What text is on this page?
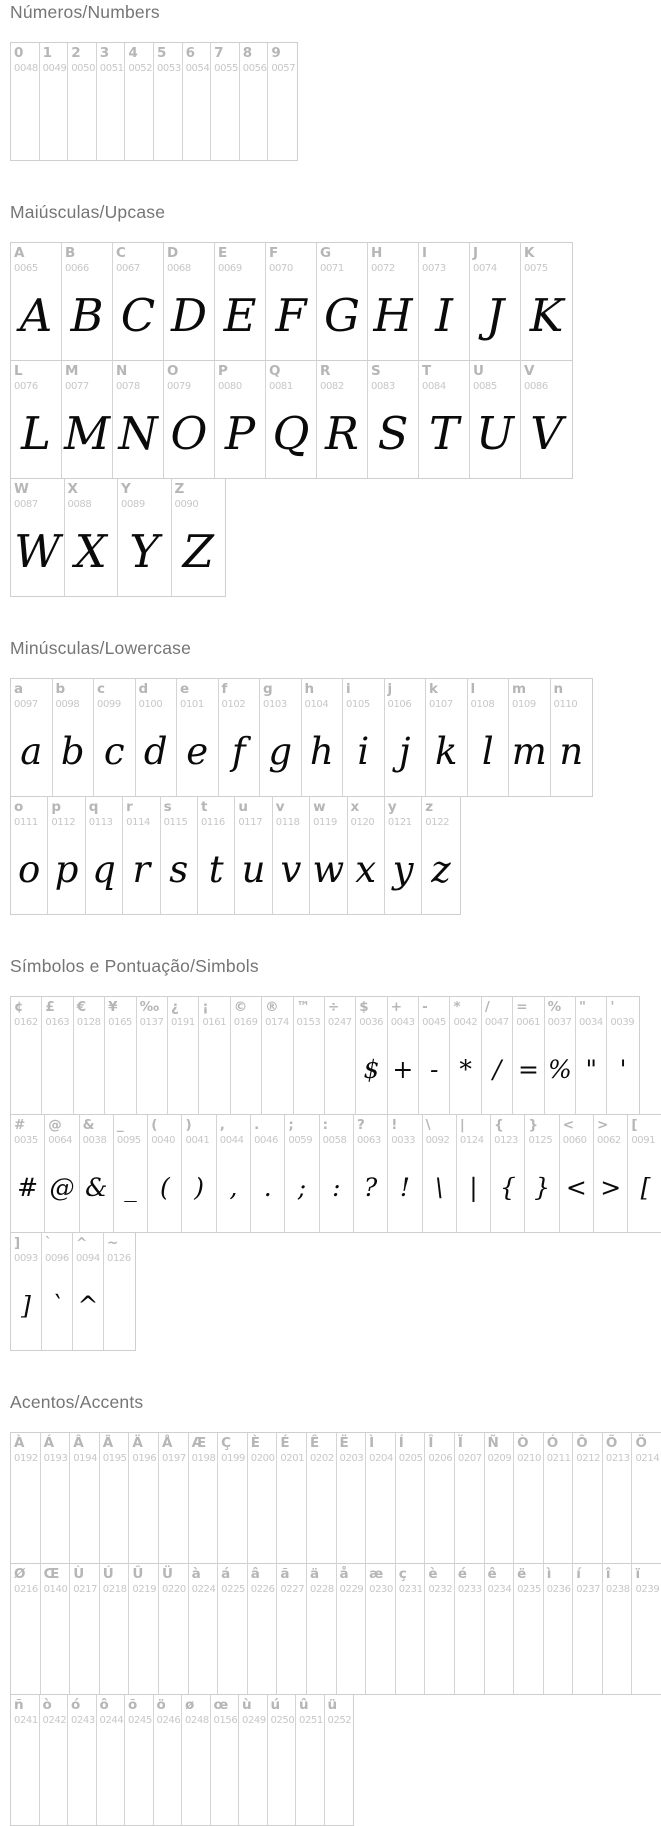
Números/Numbers
0
0048
1
0049
2
0050
3
0051
4
0052
5
0053
6
0054
7
0055
8
0056
9
0057
Maiúsculas/Upcase
A
0065
A
B
0066
B
C
0067
C
D
0068
D
E
0069
E
F
0070
F
G
0071
G
H
0072
H
I
0073
I
J
0074
J
K
0075
K
L
0076
L
M
0077
M
N
0078
N
O
0079
O
P
0080
P
Q
0081
Q
R
0082
R
S
0083
S
T
0084
T
U
0085
U
V
0086
V
W
0087
W
X
0088
X
Y
0089
Y
Z
0090
Z
Minúsculas/Lowercase
a
0097
a
b
0098
b
c
0099
c
d
0100
d
e
0101
e
f
0102
f
g
0103
g
h
0104
h
i
0105
i
j
0106
j
k
0107
k
l
0108
l
m
0109
m
n
0110
n
o
0111
o
p
0112
p
q
0113
q
r
0114
r
s
0115
s
t
0116
t
u
0117
u
v
0118
v
w
0119
w
x
0120
x
y
0121
y
z
0122
z
Símbolos e Pontuação/Simbols
¢
0162
£
0163
€
0128
¥
0165
‰
0137
¿
0191
¡
0161
©
0169
®
0174
™
0153
÷
0247
$
0036
$
+
0043
+
-
0045
-
*
0042
*
/
0047
/
=
0061
=
%
0037
%
"
0034
"
'
0039
'
#
0035
#
@
0064
@
&
0038
&
_
0095
_
(
0040
(
)
0041
)
,
0044
,
.
0046
.
;
0059
;
:
0058
:
?
0063
?
!
0033
!
\
0092
\
|
0124
|
{
0123
{
}
0125
}
<
0060
<
>
0062
>
[
0091
[
]
0093
]
`
0096
`
^
0094
^
~
0126
Acentos/Accents
À
0192
Á
0193
Â
0194
Ã
0195
Ä
0196
Å
0197
Æ
0198
Ç
0199
È
0200
É
0201
Ê
0202
Ë
0203
Ì
0204
Í
0205
Î
0206
Ï
0207
Ñ
0209
Ò
0210
Ó
0211
Ô
0212
Õ
0213
Ö
0214
Ø
0216
Œ
0140
Ù
0217
Ú
0218
Û
0219
Ü
0220
à
0224
á
0225
â
0226
ã
0227
ä
0228
å
0229
æ
0230
ç
0231
è
0232
é
0233
ê
0234
ë
0235
ì
0236
í
0237
î
0238
ï
0239
ñ
0241
ò
0242
ó
0243
ô
0244
õ
0245
ö
0246
ø
0248
œ
0156
ù
0249
ú
0250
û
0251
ü
0252
